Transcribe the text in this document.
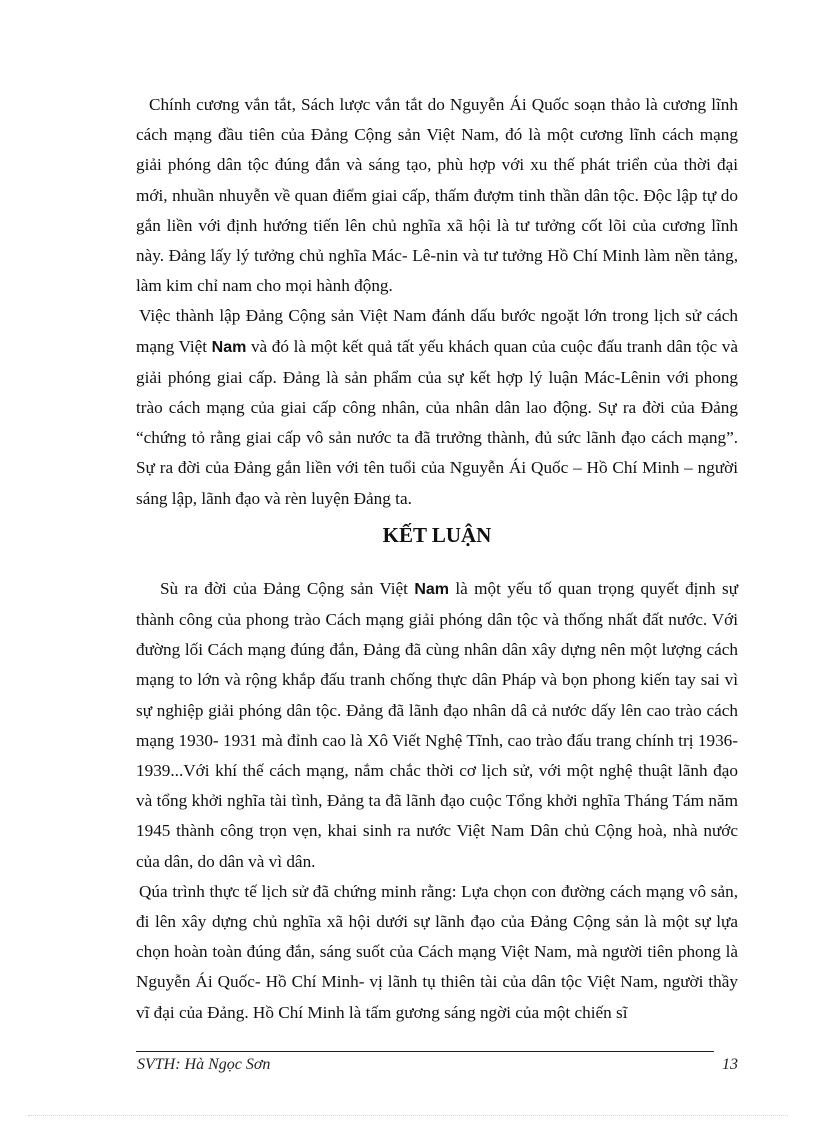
Chính cương vắn tắt, Sách lược vắn tắt do Nguyễn Ái Quốc soạn thảo là cương lĩnh cách mạng đầu tiên của Đảng Cộng sản Việt Nam, đó là một cương lĩnh cách mạng giải phóng dân tộc đúng đắn và sáng tạo, phù hợp với xu thế phát triển của thời đại mới, nhuần nhuyễn về quan điểm giai cấp, thấm đượm tinh thần dân tộc. Độc lập tự do gắn liền với định hướng tiến lên chủ nghĩa xã hội là tư tưởng cốt lõi của cương lĩnh này. Đảng lấy lý tưởng chủ nghĩa Mác- Lê-nin và tư tưởng Hồ Chí Minh làm nền tảng, làm kim chỉ nam cho mọi hành động.

Việc thành lập Đảng Cộng sản Việt Nam đánh dấu bước ngoặt lớn trong lịch sử cách mạng Việt Nam và đó là một kết quả tất yếu khách quan của cuộc đấu tranh dân tộc và giải phóng giai cấp. Đảng là sản phẩm của sự kết hợp lý luận Mác-Lênin với phong trào cách mạng của giai cấp công nhân, của nhân dân lao động. Sự ra đời của Đảng “chứng tỏ rằng giai cấp vô sản nước ta đã trưởng thành, đủ sức lãnh đạo cách mạng”. Sự ra đời của Đảng gắn liền với tên tuổi của Nguyễn Ái Quốc – Hồ Chí Minh – người sáng lập, lãnh đạo và rèn luyện Đảng ta.

KẾT LUẬN

Sù ra đời của Đảng Cộng sản Việt Nam là một yếu tố quan trọng quyết định sự thành công của phong trào Cách mạng giải phóng dân tộc và thống nhất đất nước. Với đường lối Cách mạng đúng đắn, Đảng đã cùng nhân dân xây dựng nên một lượng cách mạng to lớn và rộng khắp đấu tranh chống thực dân Pháp và bọn phong kiến tay sai vì sự nghiệp giải phóng dân tộc. Đảng đã lãnh đạo nhân dâ cả nước dấy lên cao trào cách mạng 1930- 1931 mà đỉnh cao là Xô Viết Nghệ Tĩnh, cao trào đấu trang chính trị 1936- 1939...Với khí thế cách mạng, nắm chắc thời cơ lịch sử, với một nghệ thuật lãnh đạo và tổng khởi nghĩa tài tình, Đảng ta đã lãnh đạo cuộc Tổng khởi nghĩa Tháng Tám năm 1945 thành công trọn vẹn, khai sinh ra nước Việt Nam Dân chủ Cộng hoà, nhà nước của dân, do dân và vì dân.

Qúa trình thực tế lịch sử đã chứng minh rằng: Lựa chọn con đường cách mạng vô sản, đi lên xây dựng chủ nghĩa xã hội dưới sự lãnh đạo của Đảng Cộng sản là một sự lựa chọn hoàn toàn đúng đắn, sáng suốt của Cách mạng Việt Nam, mà người tiên phong là Nguyễn Ái Quốc- Hồ Chí Minh- vị lãnh tụ thiên tài của dân tộc Việt Nam, người thầy vĩ đại của Đảng. Hồ Chí Minh là tấm gương sáng ngời của một chiến sĩ

SVTH: Hà Ngọc Sơn	13
